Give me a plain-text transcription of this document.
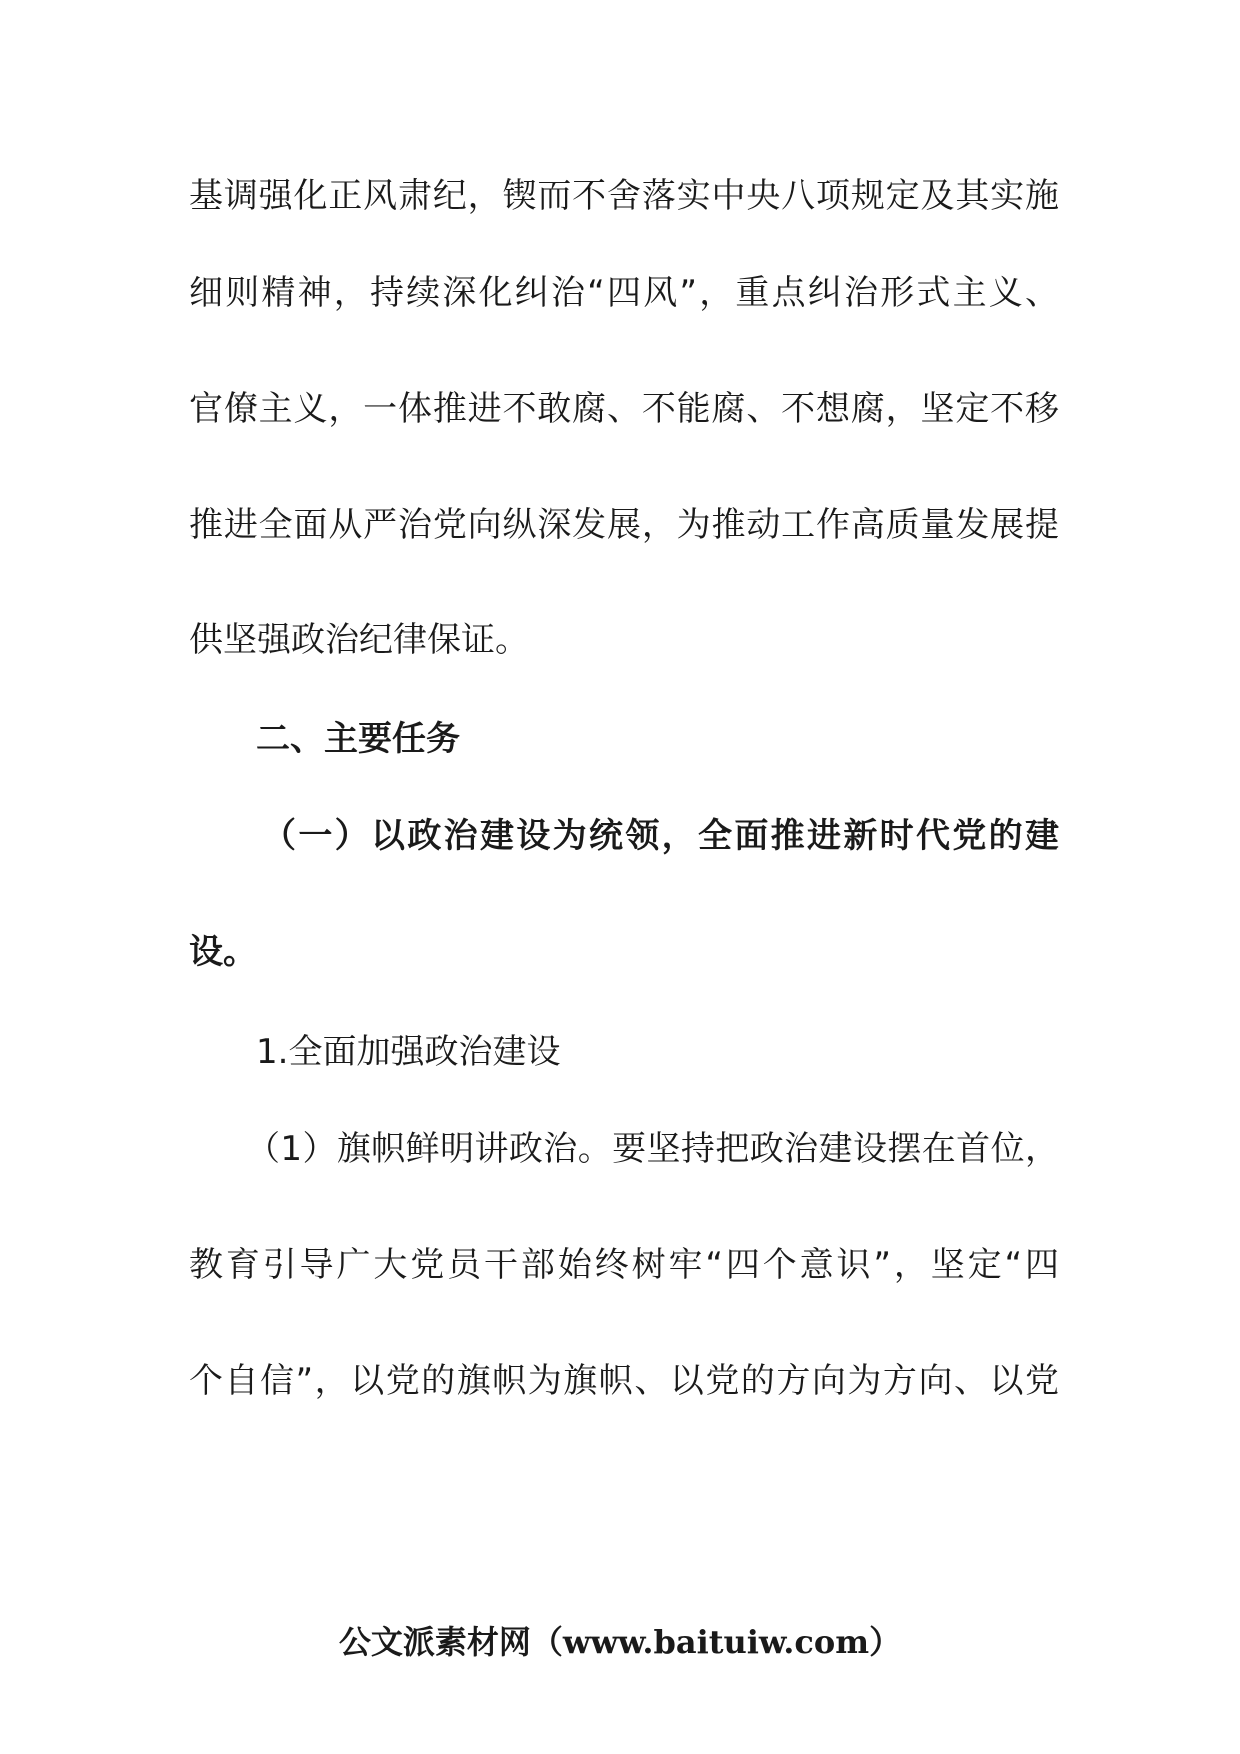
基调强化正风肃纪，锲而不舍落实中央八项规定及其实施
细则精神，持续深化纠治“四风”，重点纠治形式主义、
官僚主义，一体推进不敢腐、不能腐、不想腐，坚定不移
推进全面从严治党向纵深发展，为推动工作高质量发展提
供坚强政治纪律保证。
二、主要任务
（一）以政治建设为统领，全面推进新时代党的建
设。
1.全面加强政治建设
（1）旗帜鲜明讲政治。要坚持把政治建设摆在首位，
教育引导广大党员干部始终树牢“四个意识”，坚定“四
个自信”，以党的旗帜为旗帜、以党的方向为方向、以党
公文派素材网（www.baituiw.com）
